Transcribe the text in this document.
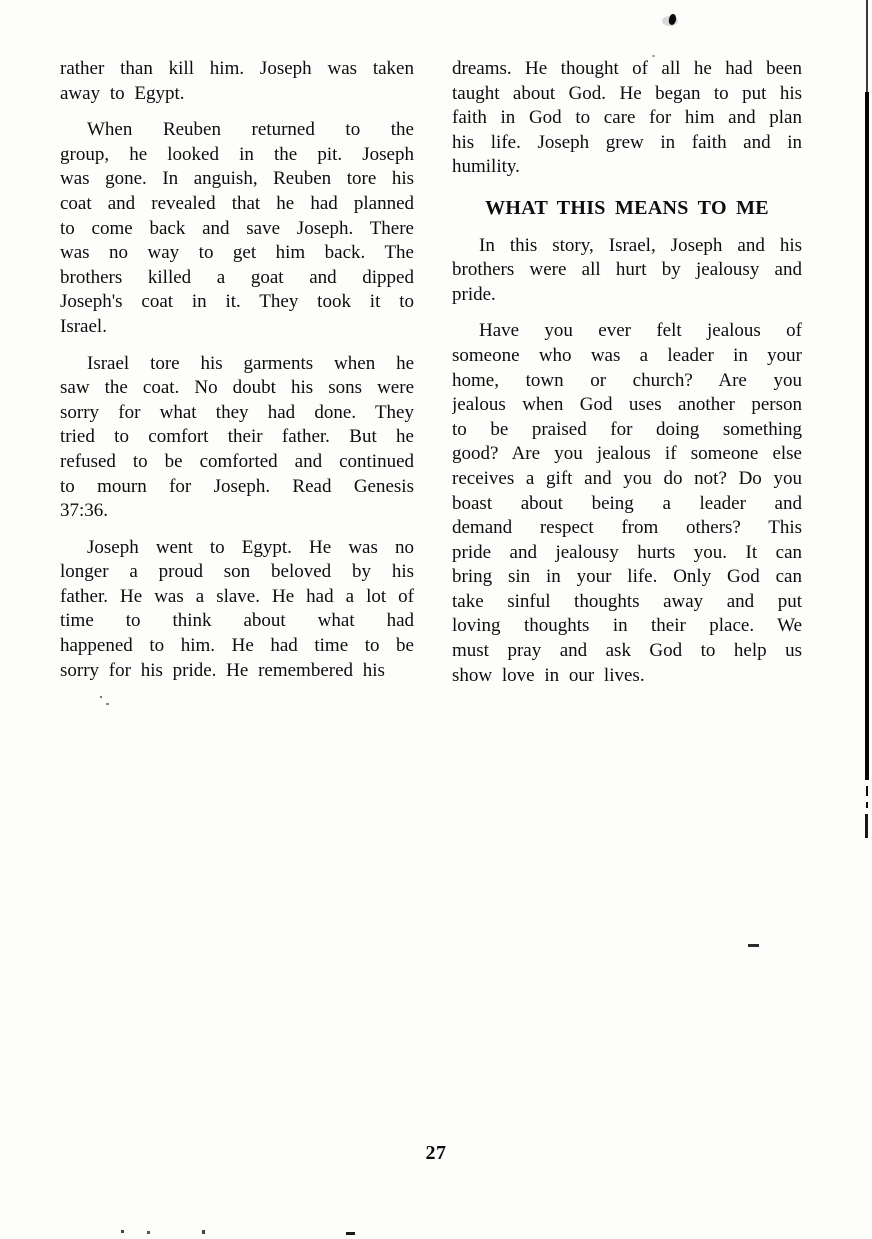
rather than kill him. Joseph was taken
away to Egypt.
When Reuben returned to the
group, he looked in the pit. Joseph
was gone. In anguish, Reuben tore his
coat and revealed that he had planned
to come back and save Joseph. There
was no way to get him back. The
brothers killed a goat and dipped
Joseph's coat in it. They took it to
Israel.
Israel tore his garments when he
saw the coat. No doubt his sons were
sorry for what they had done. They
tried to comfort their father. But he
refused to be comforted and continued
to mourn for Joseph. Read Genesis
37:36.
Joseph went to Egypt. He was no
longer a proud son beloved by his
father. He was a slave. He had a lot of
time to think about what had
happened to him. He had time to be
sorry for his pride. He remembered his
dreams. He thought of all he had been
taught about God. He began to put his
faith in God to care for him and plan
his life. Joseph grew in faith and in
humility.
WHAT THIS MEANS TO ME
In this story, Israel, Joseph and his
brothers were all hurt by jealousy and
pride.
Have you ever felt jealous of
someone who was a leader in your
home, town or church? Are you
jealous when God uses another person
to be praised for doing something
good? Are you jealous if someone else
receives a gift and you do not? Do you
boast about being a leader and
demand respect from others? This
pride and jealousy hurts you. It can
bring sin in your life. Only God can
take sinful thoughts away and put
loving thoughts in their place. We
must pray and ask God to help us
show love in our lives.
27
